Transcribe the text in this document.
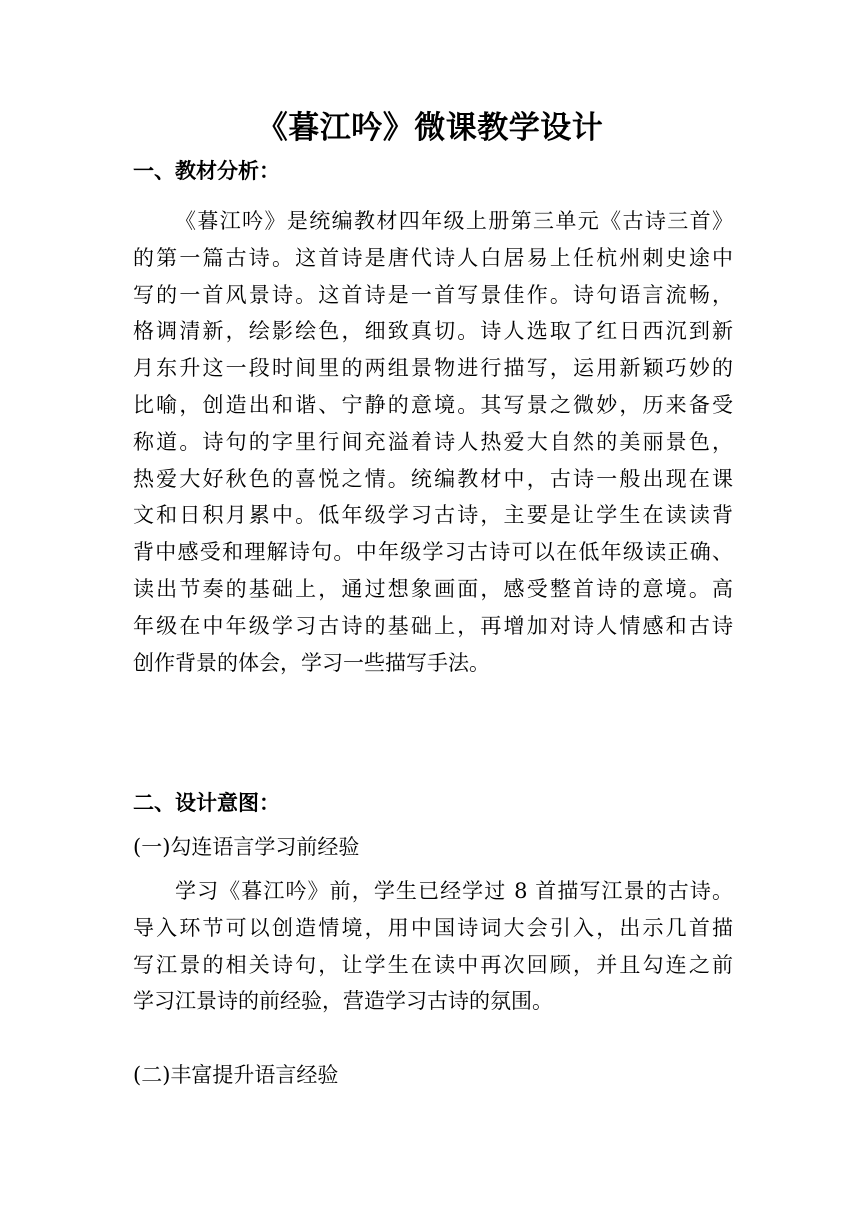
《暮江吟》微课教学设计
一、教材分析：
《暮江吟》是统编教材四年级上册第三单元《古诗三首》
的第一篇古诗。这首诗是唐代诗人白居易上任杭州刺史途中
写的一首风景诗。这首诗是一首写景佳作。诗句语言流畅，
格调清新，绘影绘色，细致真切。诗人选取了红日西沉到新
月东升这一段时间里的两组景物进行描写，运用新颖巧妙的
比喻，创造出和谐、宁静的意境。其写景之微妙，历来备受
称道。诗句的字里行间充溢着诗人热爱大自然的美丽景色，
热爱大好秋色的喜悦之情。统编教材中，古诗一般出现在课
文和日积月累中。低年级学习古诗，主要是让学生在读读背
背中感受和理解诗句。中年级学习古诗可以在低年级读正确、
读出节奏的基础上，通过想象画面，感受整首诗的意境。高
年级在中年级学习古诗的基础上，再增加对诗人情感和古诗
创作背景的体会，学习一些描写手法。
二、设计意图：
(一)勾连语言学习前经验
学习《暮江吟》前，学生已经学过 8 首描写江景的古诗。
导入环节可以创造情境，用中国诗词大会引入，出示几首描
写江景的相关诗句，让学生在读中再次回顾，并且勾连之前
学习江景诗的前经验，营造学习古诗的氛围。
(二)丰富提升语言经验
